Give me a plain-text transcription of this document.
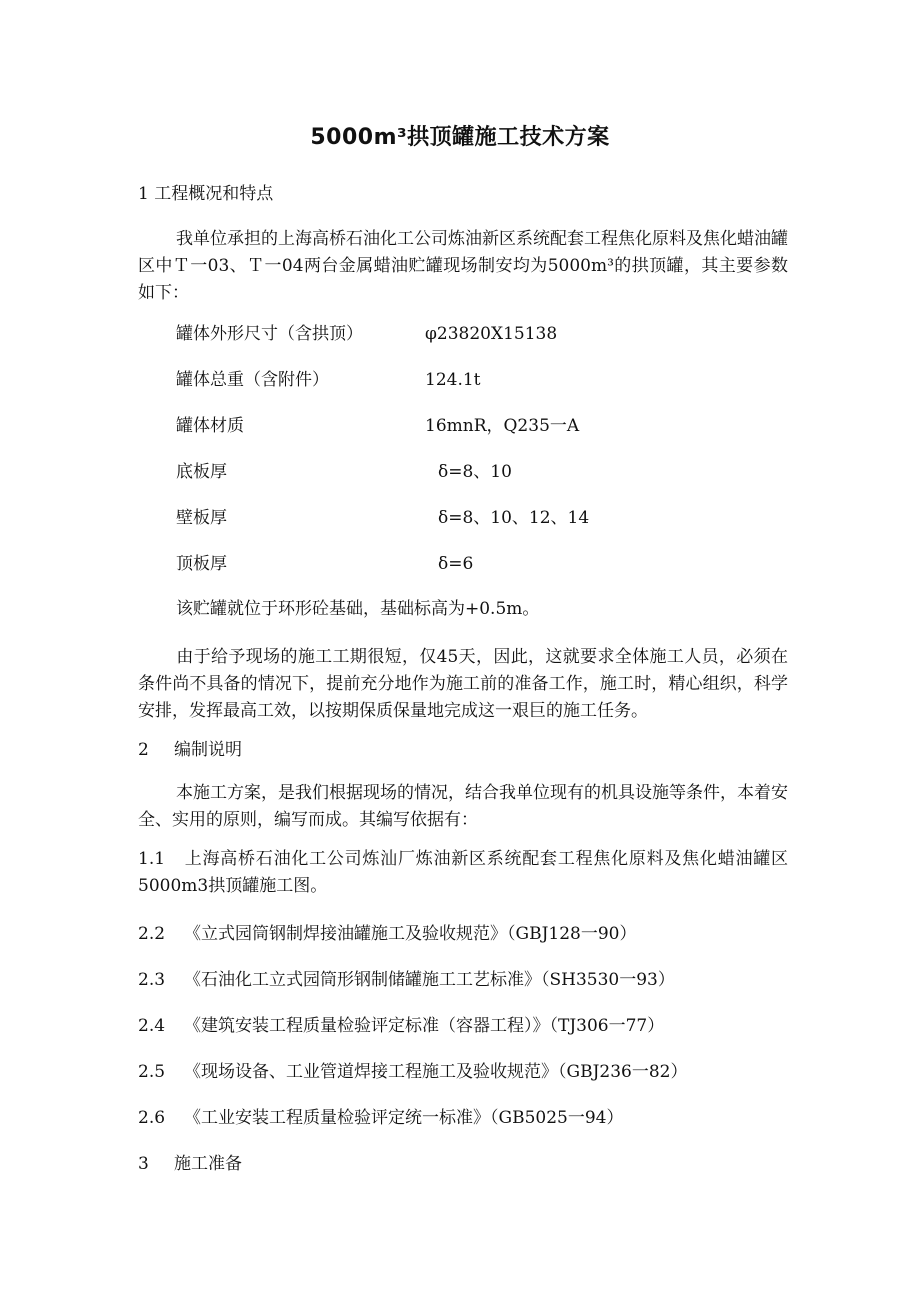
5000m³拱顶罐施工技术方案
1 工程概况和特点
我单位承担的上海高桥石油化工公司炼油新区系统配套工程焦化原料及焦化蜡油罐区中Ｔ一03、Ｔ一04两台金属蜡油贮罐现场制安均为5000m³的拱顶罐，其主要参数如下：
罐体外形尺寸（含拱顶）	φ23820X15138
罐体总重（含附件）	124.1t
罐体材质	16mnR，Q235一A
底板厚	δ=8、10
壁板厚	δ=8、10、12、14
顶板厚	δ=6
该贮罐就位于环形砼基础，基础标高为+0.5m。
由于给予现场的施工工期很短，仅45天，因此，这就要求全体施工人员，必须在条件尚不具备的情况下，提前充分地作为施工前的准备工作，施工时，精心组织，科学安排，发挥最高工效，以按期保质保量地完成这一艰巨的施工任务。
2 编制说明
本施工方案，是我们根据现场的情况，结合我单位现有的机具设施等条件，本着安全、实用的原则，编写而成。其编写依据有：
1.1 上海高桥石油化工公司炼汕厂炼油新区系统配套工程焦化原料及焦化蜡油罐区5000m3拱顶罐施工图。
2.2 《立式园筒钢制焊接油罐施工及验收规范》（GBJ128一90）
2.3 《石油化工立式园筒形钢制储罐施工工艺标准》（SH3530一93）
2.4 《建筑安装工程质量检验评定标准（容器工程）》（TJ306一77）
2.5 《现场设备、工业管道焊接工程施工及验收规范》（GBJ236一82）
2.6 《工业安装工程质量检验评定统一标准》（GB5025一94）
3 施工准备
